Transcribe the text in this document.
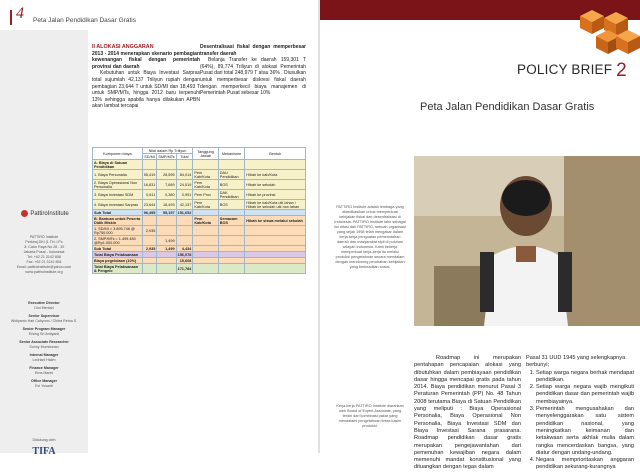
4 Peta Jalan Pendidikan Dasar Gratis
PattiroInstitute
PATTIRO Institute
Perkiraj DKI (1 Tiri..l Pc
Jl. Catur Raya No 28 - 30
Jakarta Pusat - Indonesia
Tel: +62 21 3142 858
Fax: +62 21 3142 854
Email: pattiroinstitute@yahoo.com
www.pattiroinstitute.org
Executive Director
Dini Mentari
Senior Supervisor
Widiyanto Hari Cahyono / Chitra Retna S.
Senior Program Manager
Ersing Sri Ardiyanti
Senior Associate Researcher
Sonny Mumbunan
Internal Manager
Ledriani Halim
Finance Manager
Erna Marini
Office Manager
Evi Yusanti
Didukung oleh
TIFA
II ALOKASI ANGGARAN
2013 - 2014 menerapkan skenario pembagian kewenangan fiskal dengan pemerintah provinsi dan daerah
Kebutuhan untuk Biaya Investasi Sarpras total sujumlah 42,137 Triliyun rupiah dengan pembagian 23,644 T untuk SD/MI dan 18,493 T untuk SMP/MTs, hingga 2012 baru terpenuhi 13% sehingga apabila hanya dilakukan APBN akan lambat tercapai
Desentralisasi fiskal dengan memperbesar transfer daerah
Belanja Transfer ke daerah 159,301 T (64%), 89,774 Triliyun di alokasi Pemerintah Pusat dari total 248,979 T atau 36% . Diusulkan untuk memperbesar diskresi fiskal daerah dengan memperkecil biaya manajemen di Pemerintah Pusat sebesar 10%
Komponen biaya	Nilai dalam Rp Triliyun			Tanggung Jawab	Mekanisme	Bentuk
	SD/MI	SMP/MTs	Total			
A. Biaya di Satuan Pendidikan						
1. Biaya Personalia	55,419	28,595	84,014	Pem Kab/Kota	DAU Pendidikan	Hibah ke kab/Kota
2. Biaya Operasional Non Personalia	16,831	7,689	24,519	Pem Kab/Kota	BOS	Hibah ke sekolah
3. Biaya Investasi SDM	0,611	0,380	0,991	Pem Prov	DAK Pendidikan	Hibah ke provinsi
4. Biaya Investasi Sarpras	23,644	18,493	42,137	Pem Kab/Kota	BOS	Hibah ke kab/Kota utk lahan / Hibah ke sekolah utk non lahan
Sub Total	96,495	55,157	151,652			
B. Bantuan untuk Peserta Didik Miskin				Pem Kab/Kota	Semacam BOS	Hibah ke siswa melalui sekolah
1. SD/MI = 3.895.746 @ Rp750.000	2,935					
2. SMP/MTs = 1.499.480 @Rp1.000.000		1,499				
Sub Total	2,935	1,499	4,434			
Total Biaya Pelaksanaan			156,078			
Biaya pegelolaan (10%)			15,608			
Total Biaya Pelaksanaan & Pengelo			171,784			
POLICY BRIEF 2
Peta Jalan Pendidikan Dasar Gratis
PATTIRO Institute adalah lembaga yang didedikasikan untuk memperkuat kebijakan fiskal dan desentralisasi di Indonesia. PATTIRO Institute lahir sebagai lini difusi dari PATTIRO, sebuah organisasi yang sejak 1998 telah mengakar dalam kerja-kerja penguatan pemerintahan daerah dan masyarakat sipil di puluhan wilayah Indonesia. Kami bekerja memperkuat kerja-kerja itu melalui produksi pengetahuan secara mendalam dengan mendorong perubahan kebijakan yang berkeadilan sosial.
Kerja-kerja PATTIRO Institute diarahkan oleh Board of Expert Associate, yang terdiri dari kombinasi pakar yang mendalami pengetahuan lintas kasim produksi.
Roadmap ini merupakan pentahapan pencapaian alokasi yang dibutuhkan dalam pembiayaan pendidikan dasar hingga mencapai gratis pada tahun 2014. Biaya pendidikan menurut Pasal 3 Peraturan Pemerintah (PP) No. 48 Tahun 2008 terutama Biaya di Satuan Pendidikan yang meliputi : Biaya Operasional Personalia, Biaya Operasional Non Personalia, Biaya Investasi SDM dan Biaya Investasi Sarana prasarana. Roadmap pendidikan dasar gratis merupakan pengejawantahan dari pemenuhan kewajiban negara dalam memenuhi mandat konstitusional yang dituangkan dengan tegas dalam
Pasal 31 UUD 1945 yang selengkapnya berbunyi;
1. Setiap warga negara berhak mendapat pendidikan.
2. Setiap warga negara wajib mengikuti pendidikan dasar dan pemerintah wajib membiayainya.
3. Pemerintah mengusahakan dan menyelenggarakan satu sistem pendidikan nasional, yang meningkatkan keimanan dan ketakwaan serta akhlak mulia dalam rangka mencerdaskan bangsa, yang diatur dengan undang-undang.
4. Negara memprioritaskan anggaran pendidikan sekurang-kurangnya
